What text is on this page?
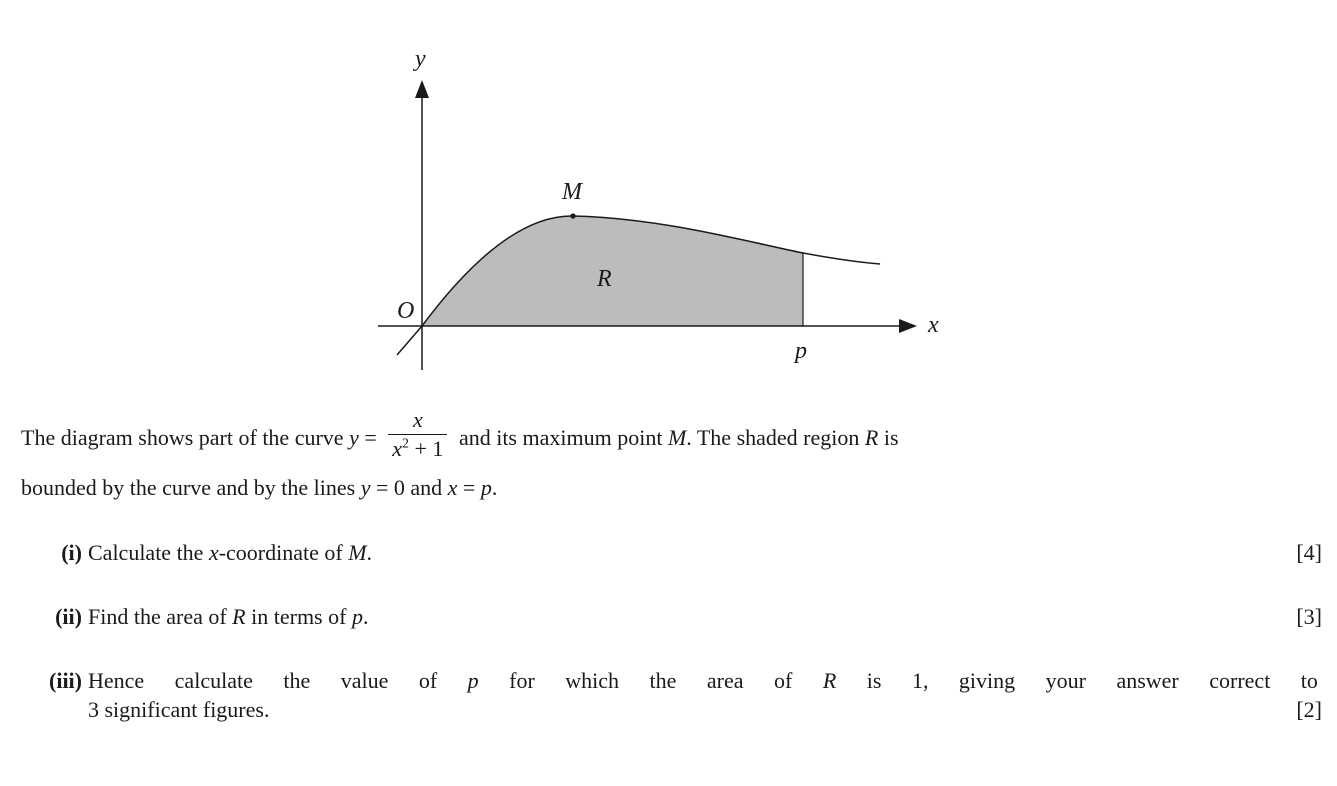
y
x
O
M
R
p
The diagram shows part of the curve $y = \frac{x}{x^2 + 1}$ and its maximum point M. The shaded region R is
bounded by the curve and by the lines y = 0 and x = p.
(i) Calculate the x-coordinate of M.	[4]
(ii) Find the area of R in terms of p.	[3]
(iii) Hence calculate the value of p for which the area of R is 1, giving your answer correct to
3 significant figures.	[2]
